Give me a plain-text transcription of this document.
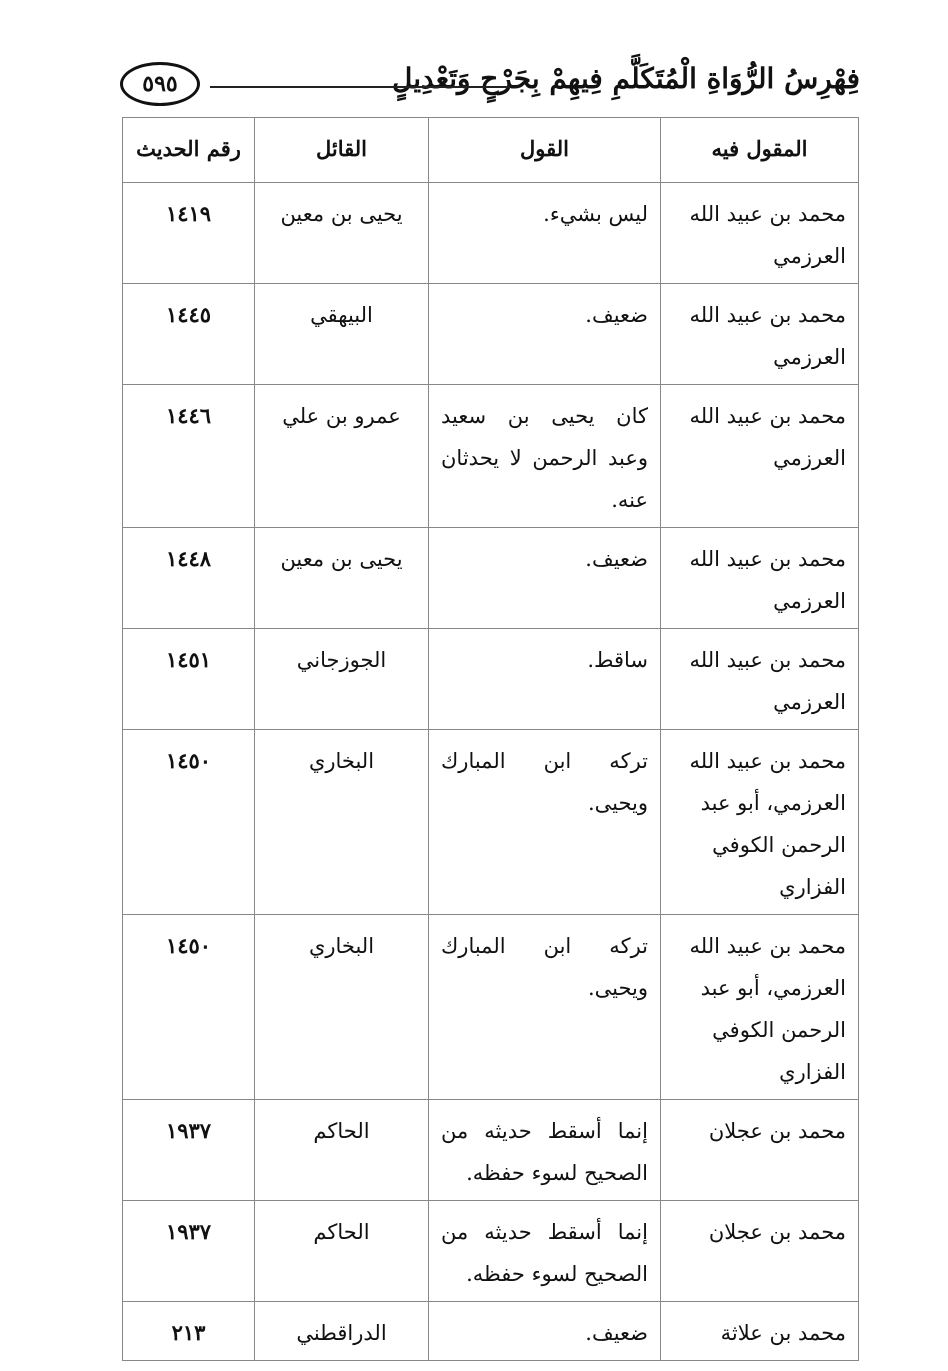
فِهْرِسُ الرُّوَاةِ الْمُتَكَلَّمِ فِيهِمْ بِجَرْحٍ وَتَعْدِيلٍ
٥٩٥
المقول فيه	القول	القائل	رقم الحديث
محمد بن عبيد الله العرزمي	ليس بشيء.	يحيى بن معين	١٤١٩
محمد بن عبيد الله العرزمي	ضعيف.	البيهقي	١٤٤٥
محمد بن عبيد الله العرزمي	كان يحيى بن سعيد وعبد الرحمن لا يحدثان عنه.	عمرو بن علي	١٤٤٦
محمد بن عبيد الله العرزمي	ضعيف.	يحيى بن معين	١٤٤٨
محمد بن عبيد الله العرزمي	ساقط.	الجوزجاني	١٤٥١
محمد بن عبيد الله العرزمي، أبو عبد الرحمن الكوفي الفزاري	تركه ابن المبارك ويحيى.	البخاري	١٤٥٠
محمد بن عبيد الله العرزمي، أبو عبد الرحمن الكوفي الفزاري	تركه ابن المبارك ويحيى.	البخاري	١٤٥٠
محمد بن عجلان	إنما أسقط حديثه من الصحيح لسوء حفظه.	الحاكم	١٩٣٧
محمد بن عجلان	إنما أسقط حديثه من الصحيح لسوء حفظه.	الحاكم	١٩٣٧
محمد بن علاثة	ضعيف.	الدراقطني	٢١٣
